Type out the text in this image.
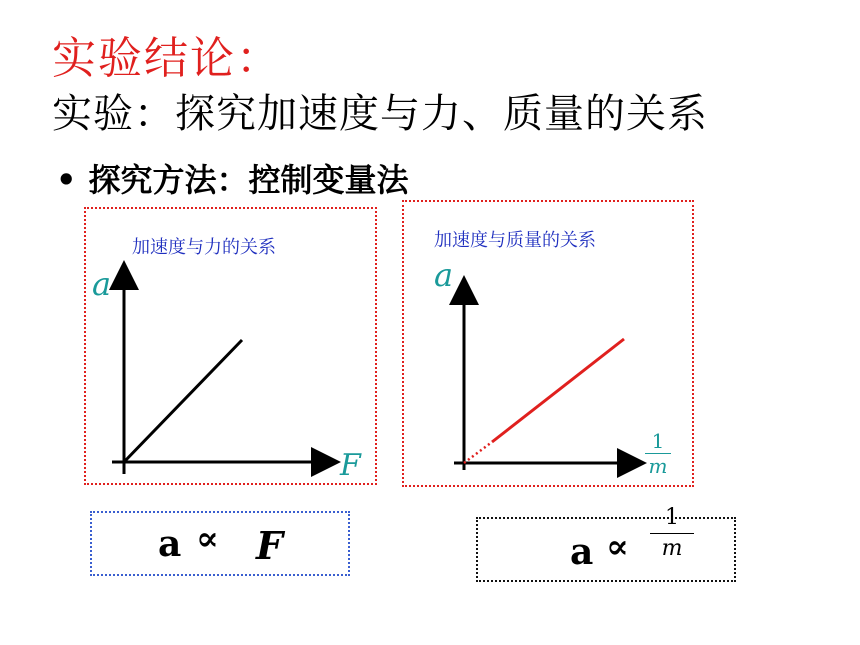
实验结论：
实验：探究加速度与力、质量的关系
• 探究方法：控制变量法
加速度与力的关系
a
F
加速度与质量的关系
a
1
m
a ∝ F	a ∝
1
m
